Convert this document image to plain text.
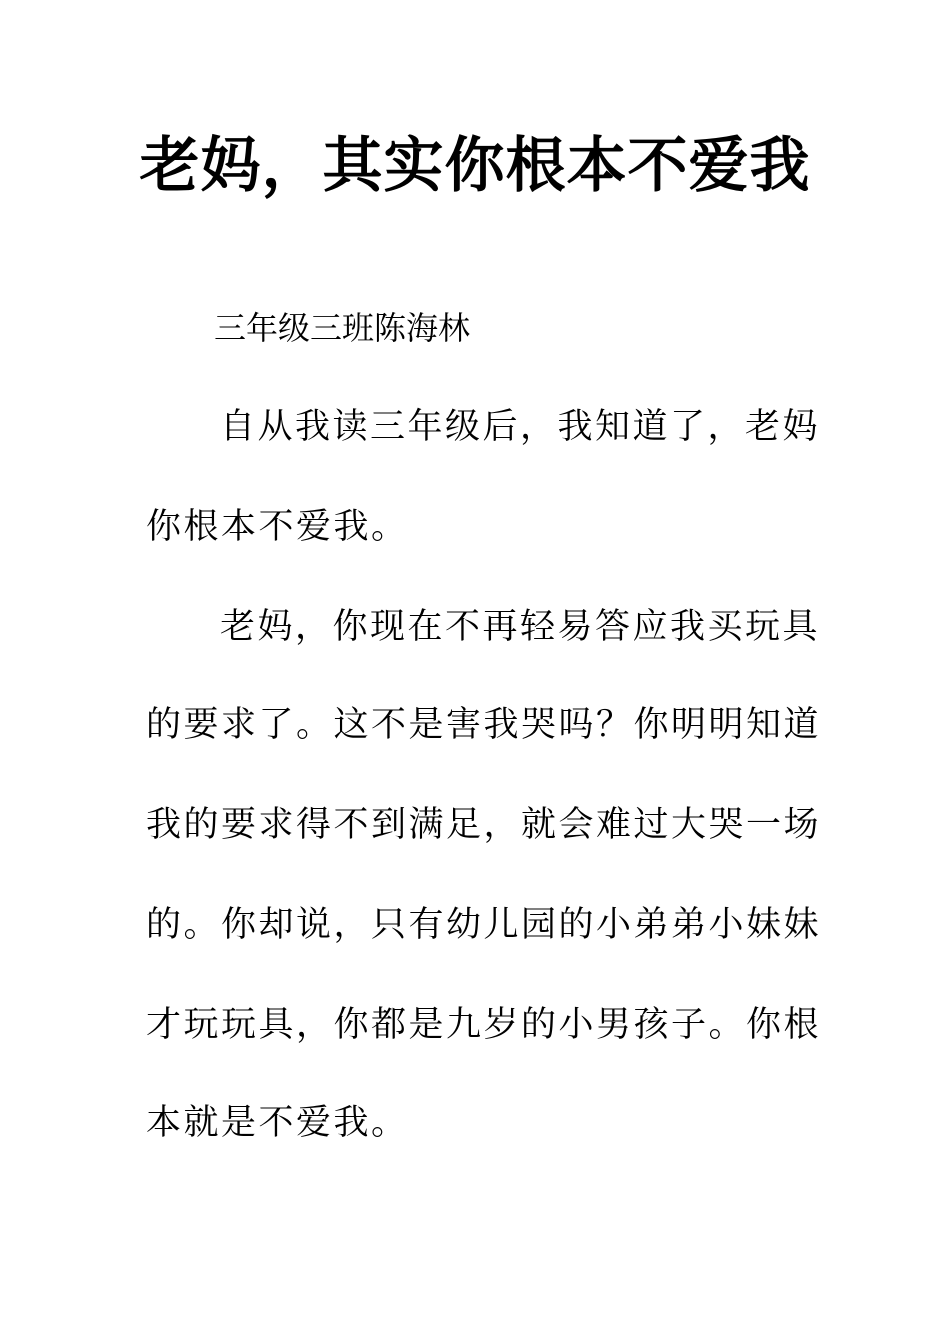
老妈，其实你根本不爱我

三年级三班陈海林

自从我读三年级后，我知道了，老妈

你根本不爱我。

老妈，你现在不再轻易答应我买玩具

的要求了。这不是害我哭吗？你明明知道

我的要求得不到满足，就会难过大哭一场

的。你却说，只有幼儿园的小弟弟小妹妹

才玩玩具，你都是九岁的小男孩子。你根

本就是不爱我。
